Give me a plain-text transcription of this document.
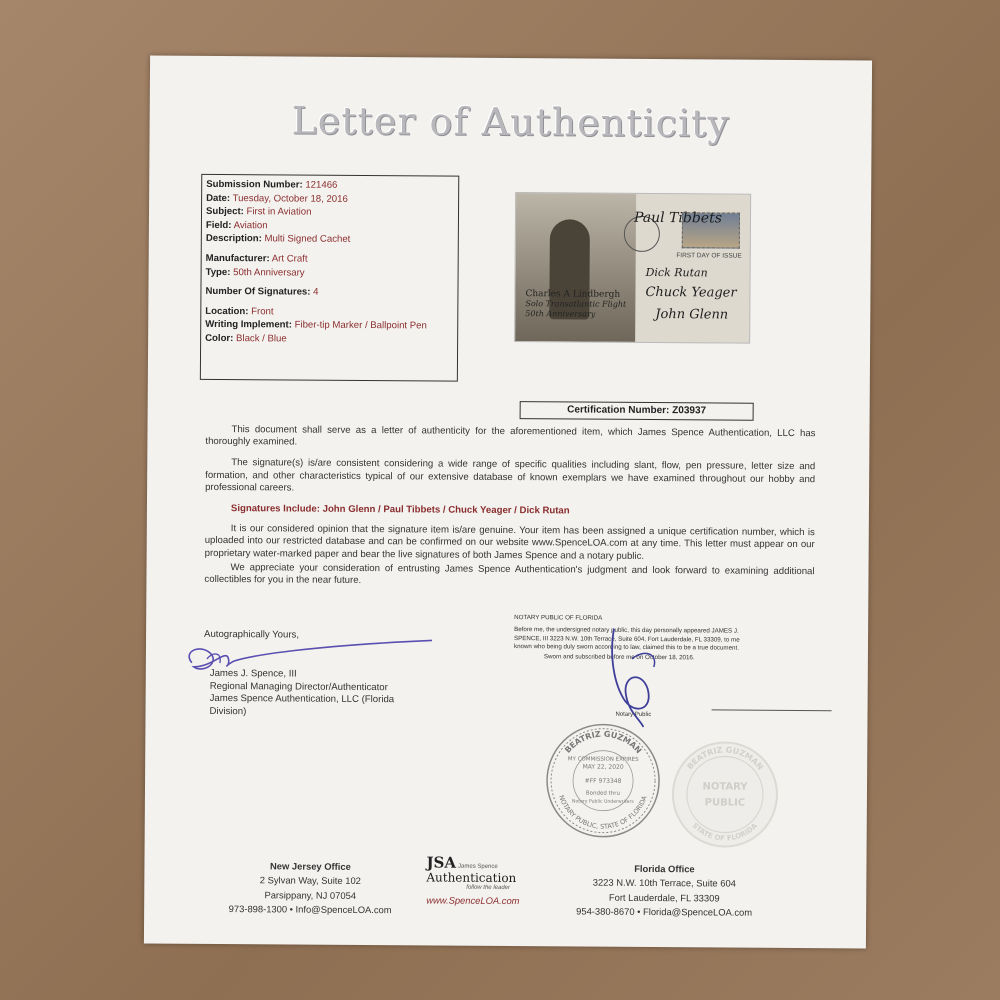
Letter of Authenticity
Submission Number: 121466
Date: Tuesday, October 18, 2016
Subject: First in Aviation
Field: Aviation
Description: Multi Signed Cachet
Manufacturer: Art Craft
Type: 50th Anniversary
Number Of Signatures: 4
Location: Front
Writing Implement: Fiber-tip Marker / Ballpoint Pen
Color: Black / Blue
FIRST DAY OF ISSUE
Charles A Lindbergh
Solo Transatlantic Flight
50th Anniversary
Paul Tibbets
Dick Rutan
Chuck Yeager
John Glenn
Certification Number: Z03937

This document shall serve as a letter of authenticity for the aforementioned item, which James Spence Authentication, LLC has thoroughly examined.

The signature(s) is/are consistent considering a wide range of specific qualities including slant, flow, pen pressure, letter size and formation, and other characteristics typical of our extensive database of known exemplars we have examined throughout our hobby and professional careers.

Signatures Include: John Glenn / Paul Tibbets / Chuck Yeager / Dick Rutan

It is our considered opinion that the signature item is/are genuine. Your item has been assigned a unique certification number, which is uploaded into our restricted database and can be confirmed on our website www.SpenceLOA.com at any time. This letter must appear on our proprietary water-marked paper and bear the live signatures of both James Spence and a notary public.

We appreciate your consideration of entrusting James Spence Authentication's judgment and look forward to examining additional collectibles for you in the near future.

Autographically Yours,
James J. Spence, III
Regional Managing Director/Authenticator
James Spence Authentication, LLC (Florida
Division)
NOTARY PUBLIC OF FLORIDA
Before me, the undersigned notary public, this day personally appeared JAMES J. SPENCE, III 3223 N.W. 10th Terrace, Suite 604, Fort Lauderdale, FL 33309, to me known who being duly sworn according to law, claimed this to be a true document.
Sworn and subscribed before me on October 18, 2016.
Notary Public
BEATRIZ GUZMAN
NOTARY PUBLIC, STATE OF FLORIDA
MY COMMISSION EXPIRES
MAY 22, 2020
#FF 973348
Bonded thru
Notary Public Underwriters
BEATRIZ GUZMAN
STATE OF FLORIDA
NOTARY
PUBLIC
New Jersey Office
2 Sylvan Way, Suite 102
Parsippany, NJ 07054
973-898-1300 • Info@SpenceLOA.com
JSA James Spence
Authentication
follow the leader
www.SpenceLOA.com
Florida Office
3223 N.W. 10th Terrace, Suite 604
Fort Lauderdale, FL 33309
954-380-8670 • Florida@SpenceLOA.com
